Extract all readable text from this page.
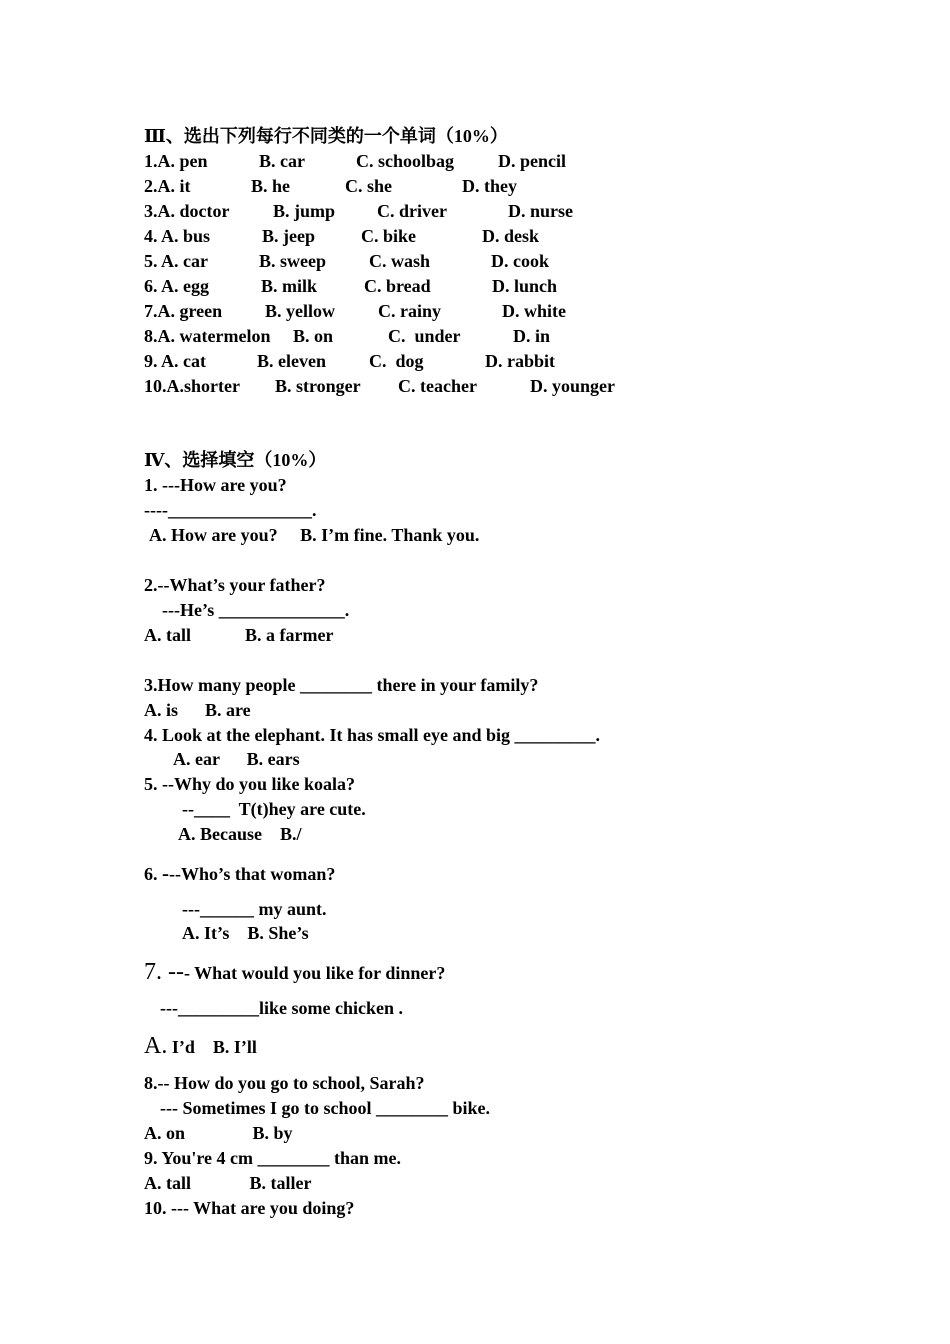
Ⅲ、选出下列每行不同类的一个单词（10%）
1.A. pen	B. car	C. schoolbag D. pencil
2.A. it	B. he	C. she	D. they
3.A. doctor B. jump C. driver	D. nurse
4. A. bus	B. jeep	C. bike	D. desk
5. A. car	B. sweep C. wash	D. cook
6. A. egg	B. milk	C. bread	D. lunch
7.A. green B. yellow C. rainy	D. white
8.A. watermelon B. on	C.  under	D. in
9. A. cat	B. eleven C.  dog	D. rabbit
10.A.shorter B. stronger C. teacher	D. younger
Ⅳ、选择填空（10%）
1. ---How are you?
----________________.
A. How are you?     B. I’m fine. Thank you.
2.--What’s your father?
---He’s ______________.
A. tall            B. a farmer
3.How many people ________ there in your family?
A. is      B. are
4. Look at the elephant. It has small eye and big _________.
A. ear      B. ears
5. --Why do you like koala?
--____  T(t)hey are cute.
A. Because    B./
6. ---Who’s that woman?
---______ my aunt.
A. It’s    B. She’s
7. --- What would you like for dinner?
---_________like some chicken .
A. I’d    B. I’ll
8.-- How do you go to school, Sarah?
--- Sometimes I go to school ________ bike.
A. on               B. by
9. You're 4 cm ________ than me.
A. tall             B. taller
10. --- What are you doing?
